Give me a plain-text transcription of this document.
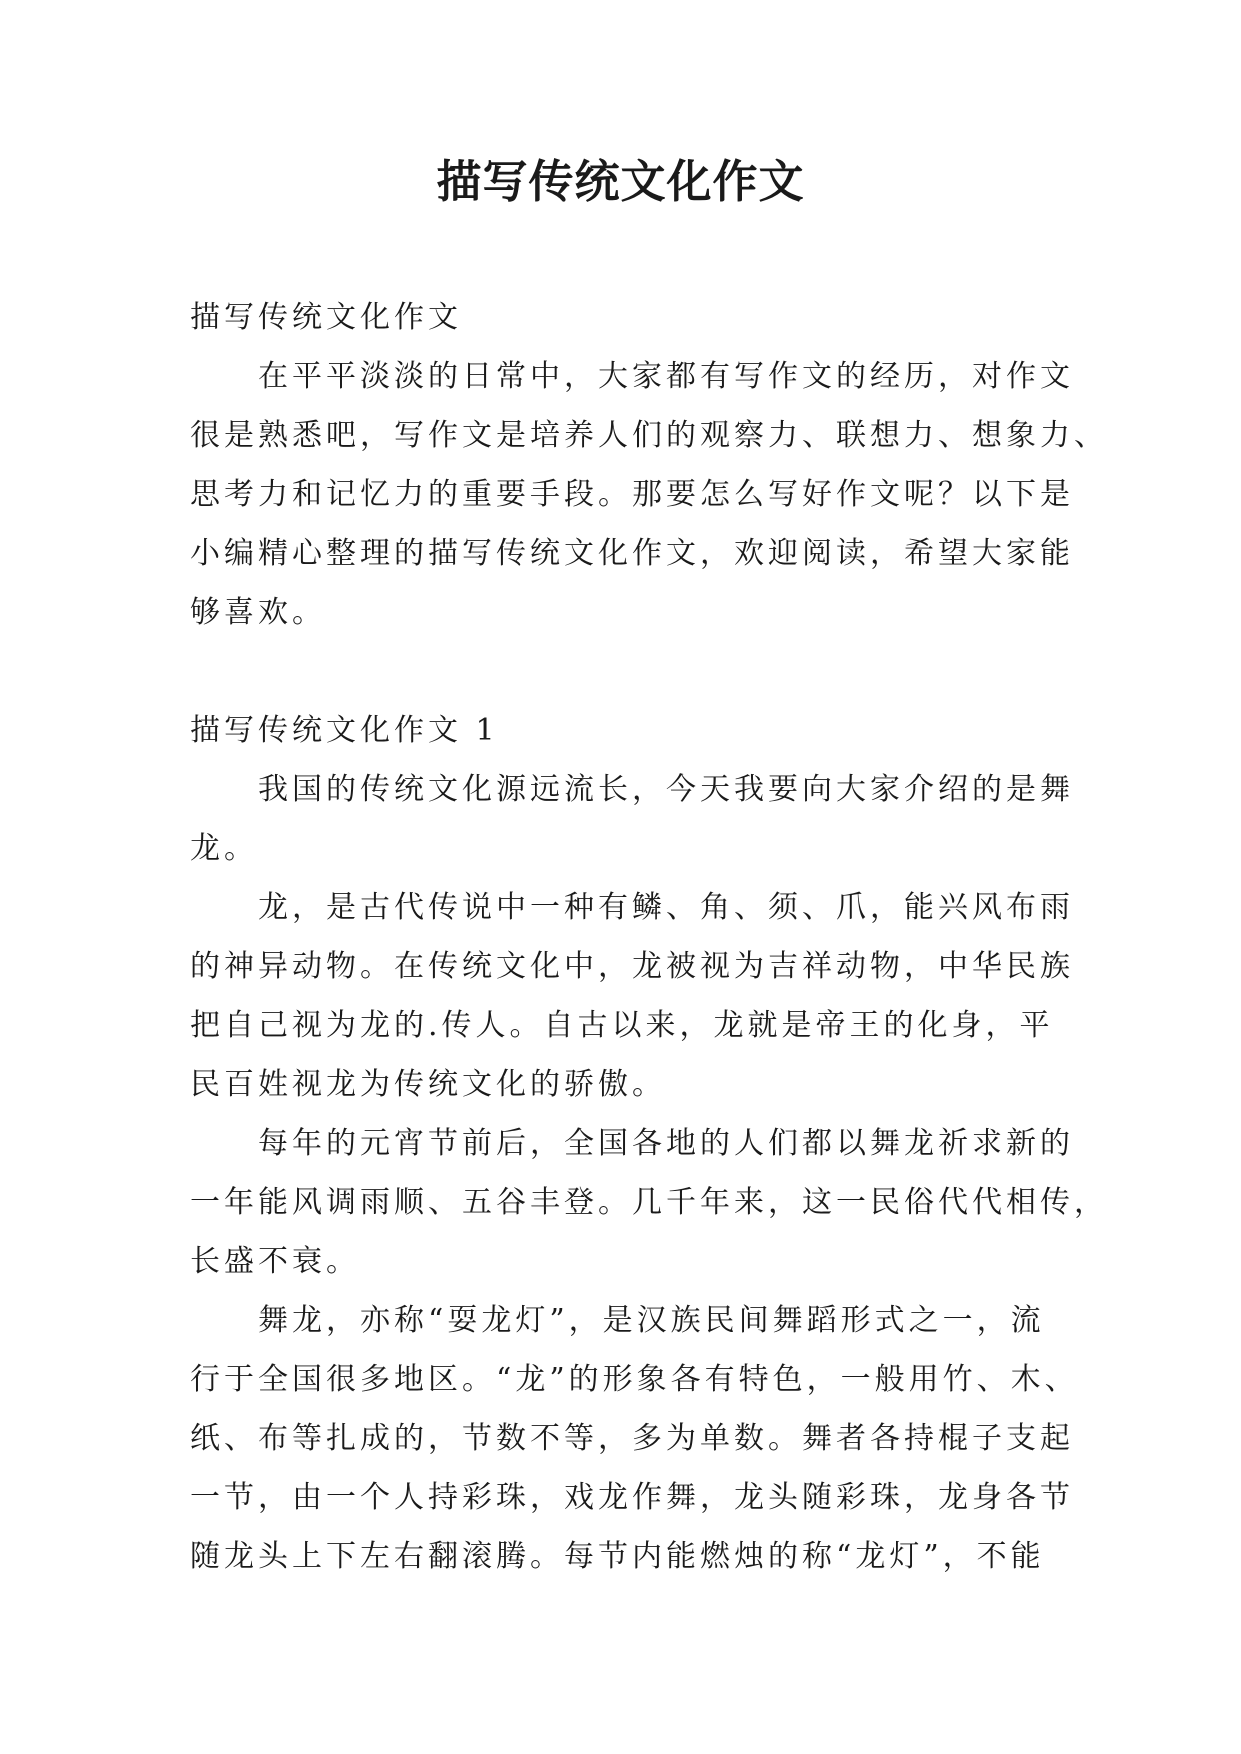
描写传统文化作文

描写传统文化作文

在平平淡淡的日常中，大家都有写作文的经历，对作文

很是熟悉吧，写作文是培养人们的观察力、联想力、想象力、

思考力和记忆力的重要手段。那要怎么写好作文呢？以下是

小编精心整理的描写传统文化作文，欢迎阅读，希望大家能

够喜欢。

描写传统文化作文 1

我国的传统文化源远流长，今天我要向大家介绍的是舞

龙。

龙，是古代传说中一种有鳞、角、须、爪，能兴风布雨

的神异动物。在传统文化中，龙被视为吉祥动物，中华民族

把自己视为龙的.传人。自古以来，龙就是帝王的化身，平

民百姓视龙为传统文化的骄傲。

每年的元宵节前后，全国各地的人们都以舞龙祈求新的

一年能风调雨顺、五谷丰登。几千年来，这一民俗代代相传，

长盛不衰。

舞龙，亦称“耍龙灯”，是汉族民间舞蹈形式之一，流

行于全国很多地区。“龙”的形象各有特色，一般用竹、木、

纸、布等扎成的，节数不等，多为单数。舞者各持棍子支起

一节，由一个人持彩珠，戏龙作舞，龙头随彩珠，龙身各节

随龙头上下左右翻滚腾。每节内能燃烛的称“龙灯”，不能
